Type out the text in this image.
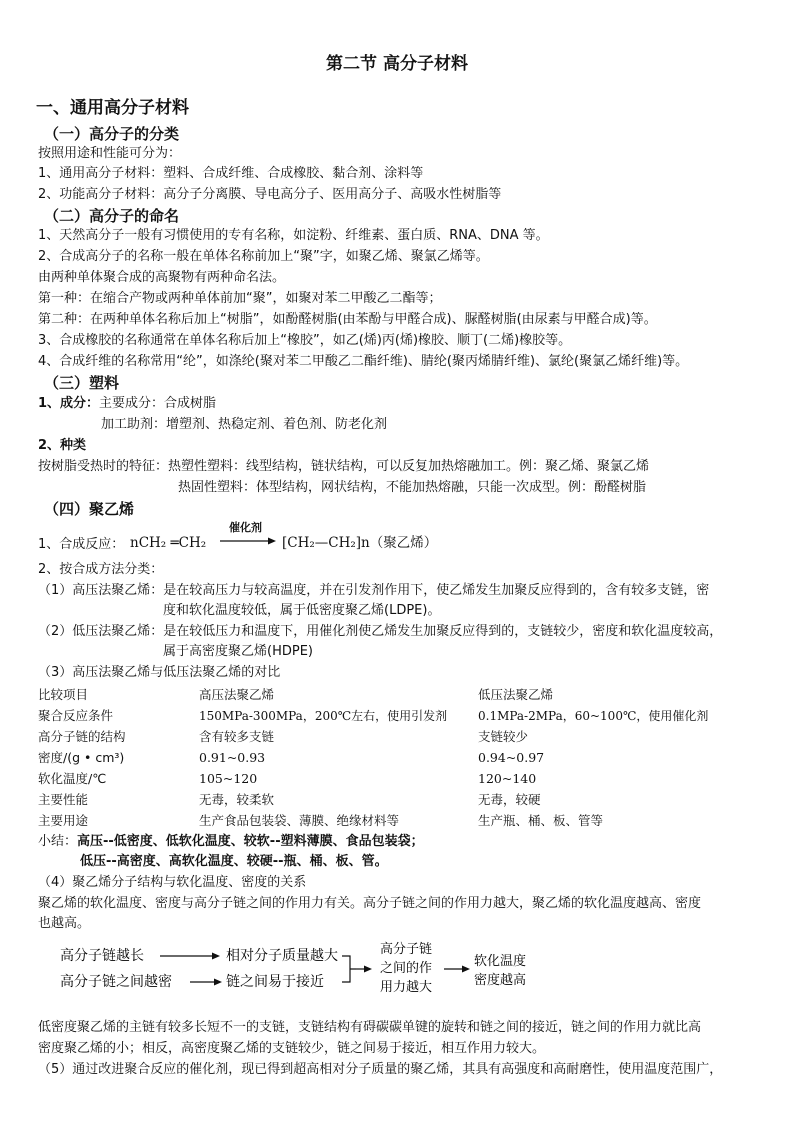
第二节 高分子材料
一、通用高分子材料
（一）高分子的分类
按照用途和性能可分为：
1、通用高分子材料：塑料、合成纤维、合成橡胶、黏合剂、涂料等
2、功能高分子材料：高分子分离膜、导电高分子、医用高分子、高吸水性树脂等
（二）高分子的命名
1、天然高分子一般有习惯使用的专有名称，如淀粉、纤维素、蛋白质、RNA、DNA 等。
2、合成高分子的名称一般在单体名称前加上“聚”字，如聚乙烯、聚氯乙烯等。
由两种单体聚合成的高聚物有两种命名法。
第一种：在缩合产物或两种单体前加“聚”，如聚对苯二甲酸乙二酯等；
第二种：在两种单体名称后加上“树脂”，如酚醛树脂(由苯酚与甲醛合成)、脲醛树脂(由尿素与甲醛合成)等。
3、合成橡胶的名称通常在单体名称后加上“橡胶”，如乙(烯)丙(烯)橡胶、顺丁(二烯)橡胶等。
4、合成纤维的名称常用“纶”，如涤纶(聚对苯二甲酸乙二酯纤维)、腈纶(聚丙烯腈纤维)、氯纶(聚氯乙烯纤维)等。
（三）塑料
1、成分：主要成分：合成树脂
加工助剂：增塑剂、热稳定剂、着色剂、防老化剂
2、种类
按树脂受热时的特征：热塑性塑料：线型结构，链状结构，可以反复加热熔融加工。例：聚乙烯、聚氯乙烯
热固性塑料：体型结构，网状结构，不能加热熔融，只能一次成型。例：酚醛树脂
（四）聚乙烯
1、合成反应： nCH₂ ═CH₂
催化剂
→ [CH₂—CH₂]n（聚乙烯）
2、按合成方法分类：
（1）高压法聚乙烯：是在较高压力与较高温度，并在引发剂作用下，使乙烯发生加聚反应得到的，含有较多支链，密
度和软化温度较低，属于低密度聚乙烯(LDPE)。
（2）低压法聚乙烯：是在较低压力和温度下，用催化剂使乙烯发生加聚反应得到的，支链较少，密度和软化温度较高，
属于高密度聚乙烯(HDPE)
（3）高压法聚乙烯与低压法聚乙烯的对比
比较项目	高压法聚乙烯	低压法聚乙烯
聚合反应条件	150MPa-300MPa，200℃左右，使用引发剂	0.1MPa-2MPa，60~100℃，使用催化剂
高分子链的结构	含有较多支链	支链较少
密度/(g • cm³)	0.91~0.93	0.94~0.97
软化温度/℃	105~120	120~140
主要性能	无毒，较柔软	无毒，较硬
主要用途	生产食品包装袋、薄膜、绝缘材料等	生产瓶、桶、板、管等
小结：高压--低密度、低软化温度、较软--塑料薄膜、食品包装袋；
低压--高密度、高软化温度、较硬--瓶、桶、板、管。
（4）聚乙烯分子结构与软化温度、密度的关系
聚乙烯的软化温度、密度与高分子链之间的作用力有关。高分子链之间的作用力越大，聚乙烯的软化温度越高、密度
也越高。
高分子链越长	相对分子质量越大
高分子链之间越密	链之间易于接近
高分子链
之间的作
用力越大
软化温度
密度越高
低密度聚乙烯的主链有较多长短不一的支链，支链结构有碍碳碳单键的旋转和链之间的接近，链之间的作用力就比高
密度聚乙烯的小；相反，高密度聚乙烯的支链较少，链之间易于接近，相互作用力较大。
（5）通过改进聚合反应的催化剂，现已得到超高相对分子质量的聚乙烯，其具有高强度和高耐磨性，使用温度范围广，
